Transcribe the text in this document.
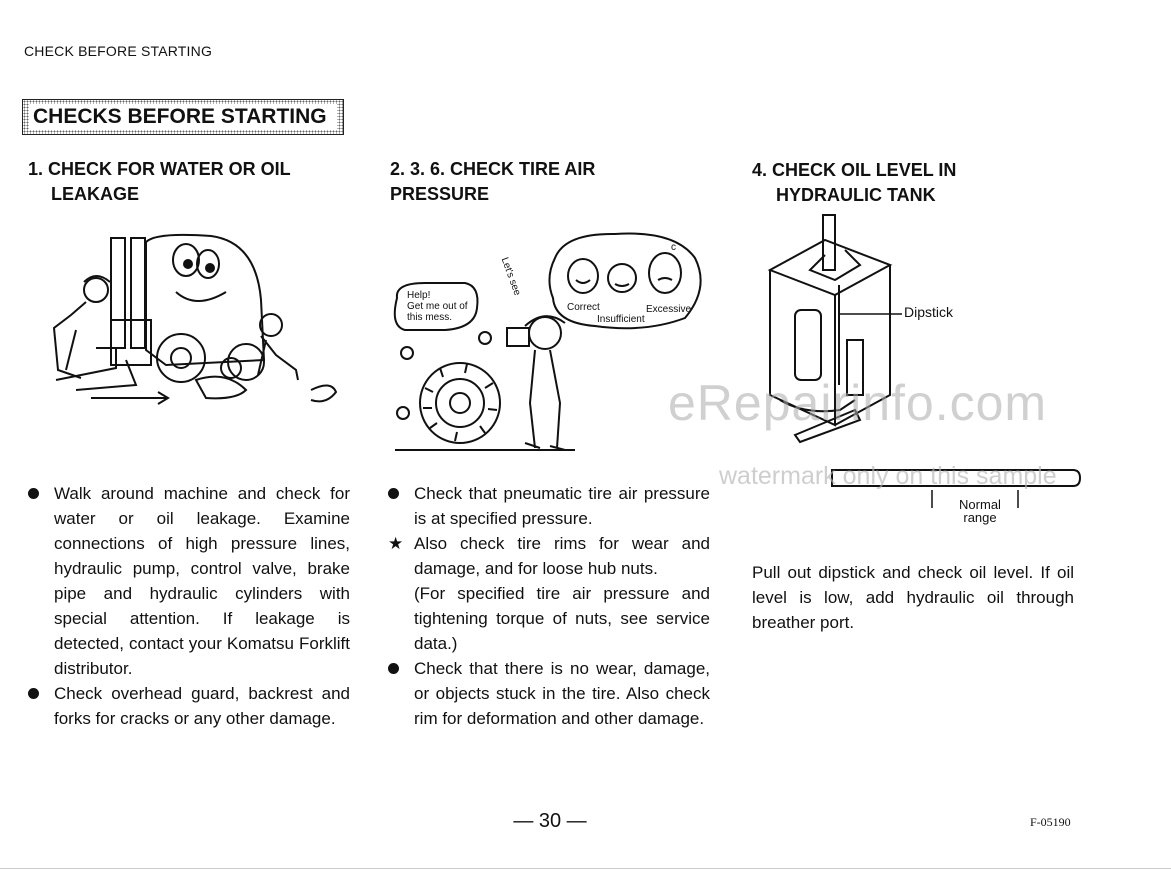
CHECK BEFORE STARTING
CHECKS BEFORE STARTING
1. CHECK FOR WATER OR OIL
LEAKAGE

Walk around machine and check for water or oil leakage. Examine connections of high pressure lines, hydraulic pump, control valve, brake pipe and hydraulic cylinders with special attention. If leakage is detected, contact your Komatsu Forklift distributor.

Check overhead guard, backrest and forks for cracks or any other damage.

2. 3. 6. CHECK TIRE AIR
PRESSURE
Help!
Get me out of
this mess.
Let's see
Correct	Excessive
Insufficient
c

Check that pneumatic tire air pressure is at specified pressure.

★ Also check tire rims for wear and damage, and for loose hub nuts.

(For specified tire air pressure and tightening torque of nuts, see service data.)

Check that there is no wear, damage, or objects stuck in the tire. Also check rim for deformation and other damage.

4. CHECK OIL LEVEL IN
HYDRAULIC TANK
Dipstick
Normal
range
Pull out dipstick and check oil level. If oil level is low, add hydraulic oil through breather port.
eRepairinfo.com
watermark only on this sample
— 30 —	F-05190
